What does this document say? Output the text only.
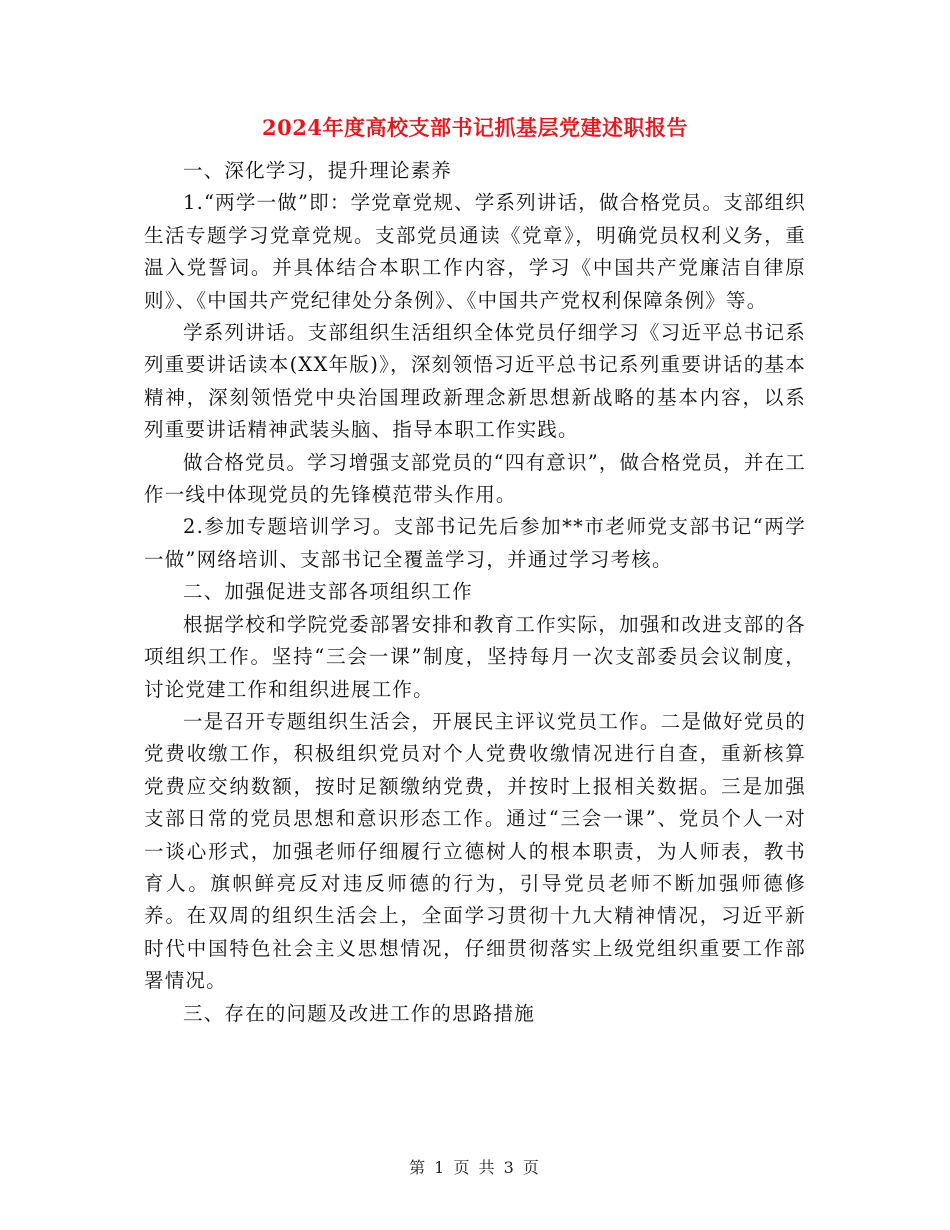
2024年度高校支部书记抓基层党建述职报告

一、深化学习，提升理论素养

1.“两学一做”即：学党章党规、学系列讲话，做合格党员。支部组织生活专题学习党章党规。支部党员通读《党章》，明确党员权利义务，重温入党誓词。并具体结合本职工作内容，学习《中国共产党廉洁自律原则》、《中国共产党纪律处分条例》、《中国共产党权利保障条例》等。

学系列讲话。支部组织生活组织全体党员仔细学习《习近平总书记系列重要讲话读本(XX年版)》，深刻领悟习近平总书记系列重要讲话的基本精神，深刻领悟党中央治国理政新理念新思想新战略的基本内容，以系列重要讲话精神武装头脑、指导本职工作实践。

做合格党员。学习增强支部党员的“四有意识”，做合格党员，并在工作一线中体现党员的先锋模范带头作用。

2.参加专题培训学习。支部书记先后参加**市老师党支部书记“两学一做”网络培训、支部书记全覆盖学习，并通过学习考核。

二、加强促进支部各项组织工作

根据学校和学院党委部署安排和教育工作实际，加强和改进支部的各项组织工作。坚持“三会一课”制度，坚持每月一次支部委员会议制度，讨论党建工作和组织进展工作。

一是召开专题组织生活会，开展民主评议党员工作。二是做好党员的党费收缴工作，积极组织党员对个人党费收缴情况进行自查，重新核算党费应交纳数额，按时足额缴纳党费，并按时上报相关数据。三是加强支部日常的党员思想和意识形态工作。通过“三会一课”、党员个人一对一谈心形式，加强老师仔细履行立德树人的根本职责，为人师表，教书育人。旗帜鲜亮反对违反师德的行为，引导党员老师不断加强师德修养。在双周的组织生活会上，全面学习贯彻十九大精神情况，习近平新时代中国特色社会主义思想情况，仔细贯彻落实上级党组织重要工作部署情况。

三、存在的问题及改进工作的思路措施

第 1 页 共 3 页
